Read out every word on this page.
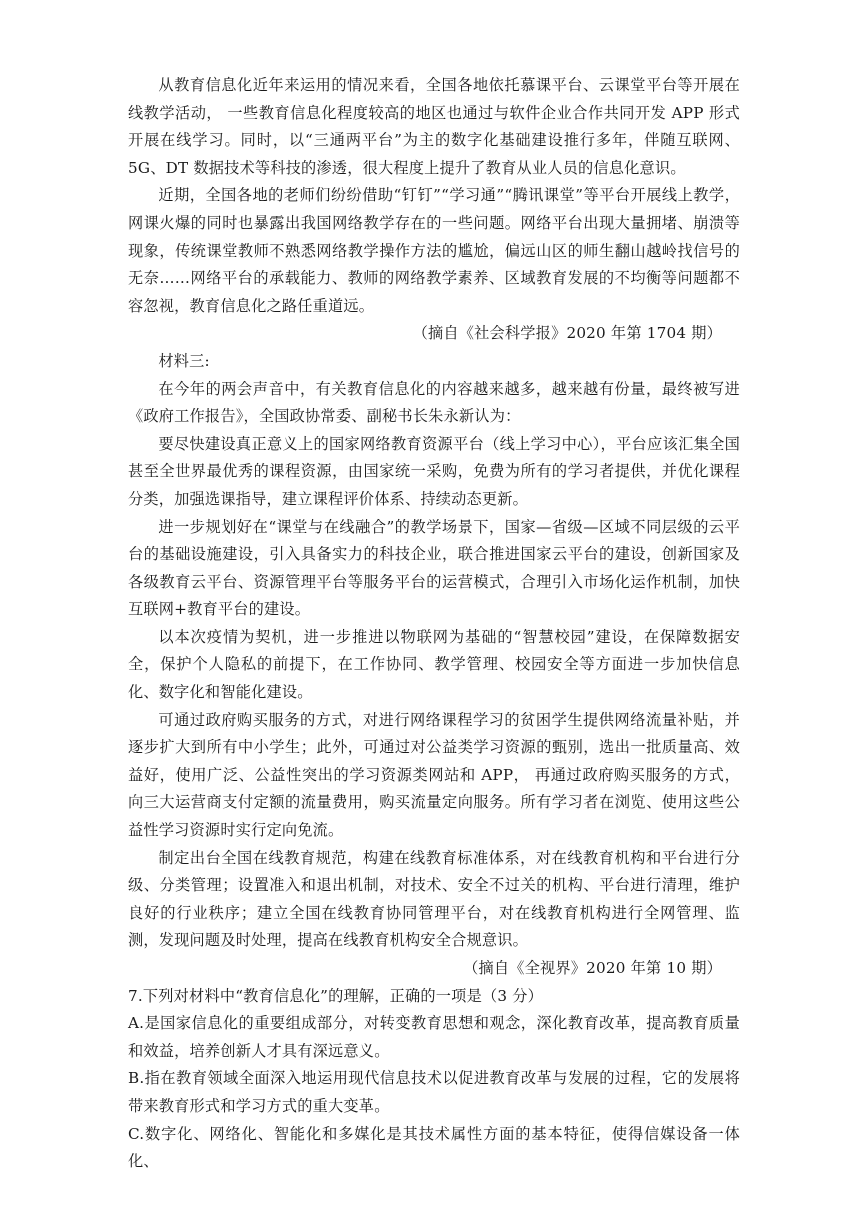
从教育信息化近年来运用的情况来看，全国各地依托慕课平台、云课堂平台等开展在线教学活动， 一些教育信息化程度较高的地区也通过与软件企业合作共同开发 APP 形式开展在线学习。同时，以“三通两平台”为主的数字化基础建设推行多年，伴随互联网、5G、DT 数据技术等科技的渗透，很大程度上提升了教育从业人员的信息化意识。

近期，全国各地的老师们纷纷借助“钉钉”“学习通”“腾讯课堂”等平台开展线上教学，网课火爆的同时也暴露出我国网络教学存在的一些问题。网络平台出现大量拥堵、崩溃等现象，传统课堂教师不熟悉网络教学操作方法的尴尬，偏远山区的师生翻山越岭找信号的无奈……网络平台的承载能力、教师的网络教学素养、区域教育发展的不均衡等问题都不容忽视，教育信息化之路任重道远。

（摘自《社会科学报》2020 年第 1704 期）

材料三:

在今年的两会声音中，有关教育信息化的内容越来越多，越来越有份量，最终被写进《政府工作报告》，全国政协常委、副秘书长朱永新认为：

要尽快建设真正意义上的国家网络教育资源平台（线上学习中心），平台应该汇集全国甚至全世界最优秀的课程资源，由国家统一采购，免费为所有的学习者提供，并优化课程分类，加强选课指导，建立课程评价体系、持续动态更新。

进一步规划好在“课堂与在线融合”的教学场景下，国家—省级—区域不同层级的云平台的基础设施建设，引入具备实力的科技企业，联合推进国家云平台的建设，创新国家及各级教育云平台、资源管理平台等服务平台的运营模式，合理引入市场化运作机制，加快互联网+教育平台的建设。

以本次疫情为契机，进一步推进以物联网为基础的“智慧校园”建设，在保障数据安全，保护个人隐私的前提下，在工作协同、教学管理、校园安全等方面进一步加快信息化、数字化和智能化建设。

可通过政府购买服务的方式，对进行网络课程学习的贫困学生提供网络流量补贴，并逐步扩大到所有中小学生；此外，可通过对公益类学习资源的甄别，选出一批质量高、效益好，使用广泛、公益性突出的学习资源类网站和 APP， 再通过政府购买服务的方式， 向三大运营商支付定额的流量费用，购买流量定向服务。所有学习者在浏览、使用这些公益性学习资源时实行定向免流。

制定出台全国在线教育规范，构建在线教育标准体系，对在线教育机构和平台进行分级、分类管理；设置准入和退出机制，对技术、安全不过关的机构、平台进行清理，维护良好的行业秩序；建立全国在线教育协同管理平台，对在线教育机构进行全网管理、监测，发现问题及时处理，提高在线教育机构安全合规意识。

（摘自《全视界》2020 年第 10 期）

7.下列对材料中“教育信息化”的理解，正确的一项是（3 分）

A.是国家信息化的重要组成部分，对转变教育思想和观念，深化教育改革，提高教育质量和效益，培养创新人才具有深远意义。

B.指在教育领域全面深入地运用现代信息技术以促进教育改革与发展的过程，它的发展将带来教育形式和学习方式的重大变革。

C.数字化、网络化、智能化和多媒化是其技术属性方面的基本特征，使得信媒设备一体化、
